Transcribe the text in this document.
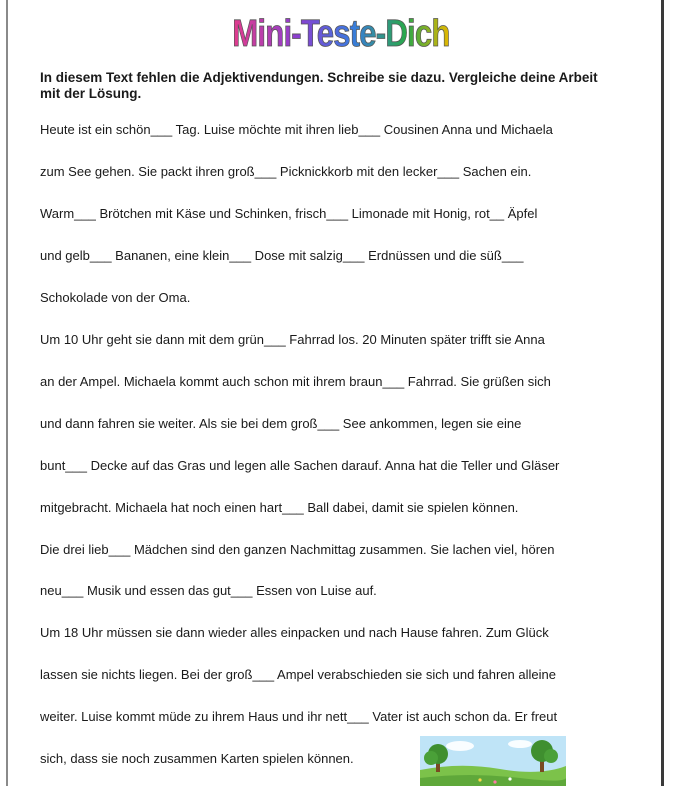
Mini-Teste-Dich
In diesem Text fehlen die Adjektivendungen. Schreibe sie dazu. Vergleiche deine Arbeit mit der Lösung.
Heute ist ein schön___ Tag. Luise möchte mit ihren lieb___ Cousinen Anna und Michaela
zum See gehen. Sie packt ihren groß___ Picknickkorb mit den lecker___ Sachen ein.
Warm___ Brötchen mit Käse und Schinken, frisch___ Limonade mit Honig, rot__ Äpfel
und gelb___ Bananen, eine klein___ Dose mit salzig___ Erdnüssen und die süß___
Schokolade von der Oma.
Um 10 Uhr geht sie dann mit dem grün___ Fahrrad los. 20 Minuten später trifft sie Anna
an der Ampel. Michaela kommt auch schon mit ihrem braun___ Fahrrad. Sie grüßen sich
und dann fahren sie weiter. Als sie bei dem groß___ See ankommen, legen sie eine
bunt___ Decke auf das Gras und legen alle Sachen darauf. Anna hat die Teller und Gläser
mitgebracht. Michaela hat noch einen hart___ Ball dabei, damit sie spielen können.
Die drei lieb___ Mädchen sind den ganzen Nachmittag zusammen. Sie lachen viel, hören
neu___ Musik und essen das gut___ Essen von Luise auf.
Um 18 Uhr müssen sie dann wieder alles einpacken und nach Hause fahren. Zum Glück
lassen sie nichts liegen. Bei der groß___ Ampel verabschieden sie sich und fahren alleine
weiter. Luise kommt müde zu ihrem Haus und ihr nett___ Vater ist auch schon da. Er freut
sich, dass sie noch zusammen Karten spielen können.
